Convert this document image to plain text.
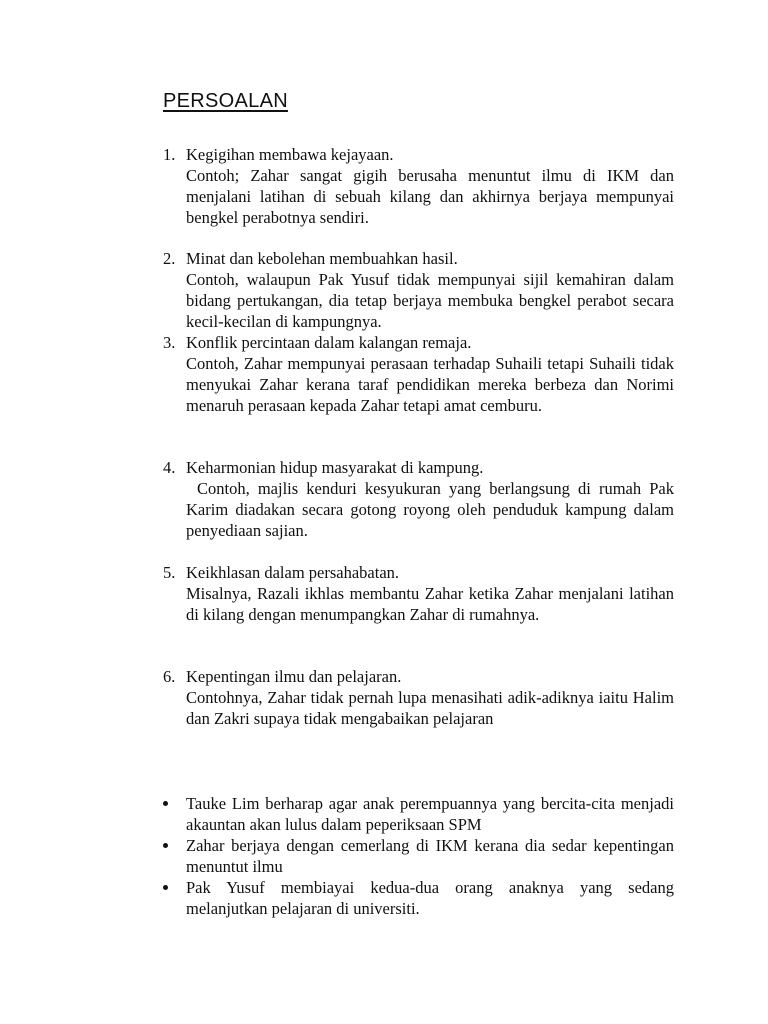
PERSOALAN
1. Kegigihan membawa kejayaan.
Contoh; Zahar sangat gigih berusaha menuntut ilmu di IKM dan menjalani latihan di sebuah kilang dan akhirnya berjaya mempunyai bengkel perabotnya sendiri.
2. Minat dan kebolehan membuahkan hasil.
Contoh, walaupun Pak Yusuf tidak mempunyai sijil kemahiran dalam bidang pertukangan, dia tetap berjaya membuka bengkel perabot secara kecil-kecilan di kampungnya.
3. Konflik percintaan dalam kalangan remaja.
Contoh, Zahar mempunyai perasaan terhadap Suhaili tetapi Suhaili tidak menyukai Zahar kerana taraf pendidikan mereka berbeza dan Norimi menaruh perasaan kepada Zahar tetapi amat cemburu.
4. Keharmonian hidup masyarakat di kampung.
Contoh, majlis kenduri kesyukuran yang berlangsung di rumah Pak Karim diadakan secara gotong royong oleh penduduk kampung dalam penyediaan sajian.
5. Keikhlasan dalam persahabatan.
Misalnya, Razali ikhlas membantu Zahar ketika Zahar menjalani latihan di kilang dengan menumpangkan Zahar di rumahnya.
6. Kepentingan ilmu dan pelajaran.
Contohnya, Zahar tidak pernah lupa menasihati adik-adiknya iaitu Halim dan Zakri supaya tidak mengabaikan pelajaran
Tauke Lim berharap agar anak perempuannya yang bercita-cita menjadi akauntan akan lulus dalam peperiksaan SPM
Zahar berjaya dengan cemerlang di IKM kerana dia sedar kepentingan menuntut ilmu
Pak Yusuf membiayai kedua-dua orang anaknya yang sedang melanjutkan pelajaran di universiti.
